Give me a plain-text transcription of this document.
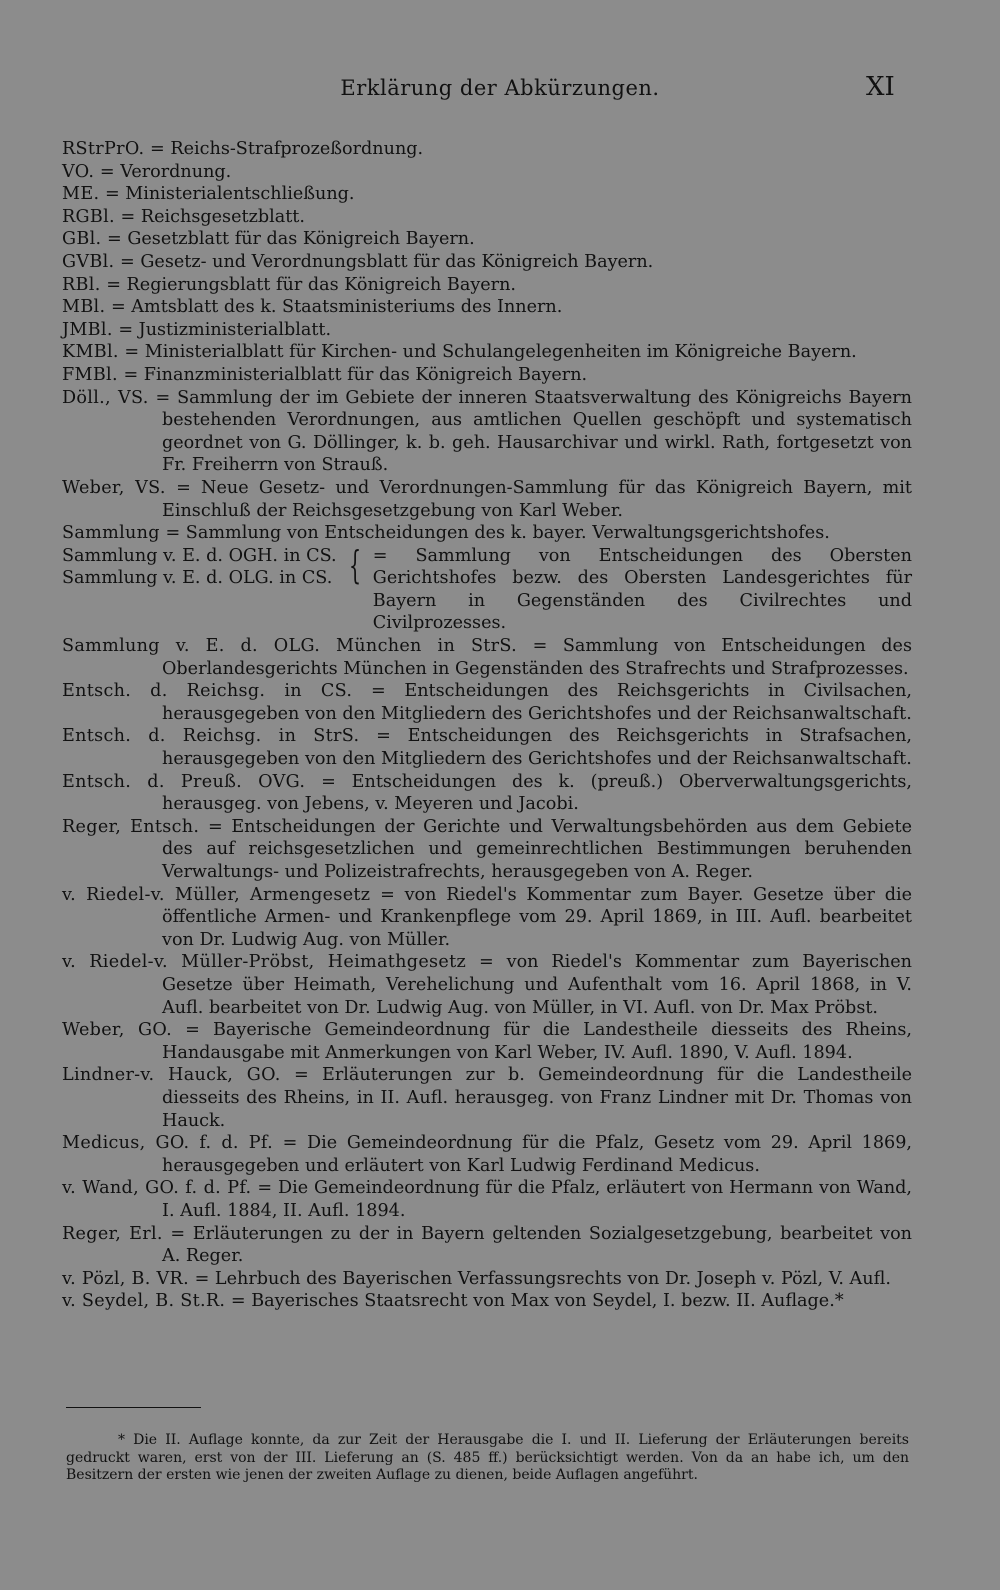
Erklärung der Abkürzungen.	XI
RStrPrO. = Reichs-Strafprozeßordnung.
VO. = Verordnung.
ME. = Ministerialentschließung.
RGBl. = Reichsgesetzblatt.
GBl. = Gesetzblatt für das Königreich Bayern.
GVBl. = Gesetz- und Verordnungsblatt für das Königreich Bayern.
RBl. = Regierungsblatt für das Königreich Bayern.
MBl. = Amtsblatt des k. Staatsministeriums des Innern.
JMBl. = Justizministerialblatt.
KMBl. = Ministerialblatt für Kirchen- und Schulangelegenheiten im Königreiche Bayern.
FMBl. = Finanzministerialblatt für das Königreich Bayern.
Döll., VS. = Sammlung der im Gebiete der inneren Staatsverwaltung des Königreichs Bayern bestehenden Verordnungen, aus amtlichen Quellen geschöpft und systematisch geordnet von G. Döllinger, k. b. geh. Hausarchivar und wirkl. Rath, fortgesetzt von Fr. Freiherrn von Strauß.
Weber, VS. = Neue Gesetz- und Verordnungen-Sammlung für das Königreich Bayern, mit Einschluß der Reichsgesetzgebung von Karl Weber.
Sammlung = Sammlung von Entscheidungen des k. bayer. Verwaltungsgerichtshofes.
Sammlung v. E. d. OGH. in CS.
Sammlung v. E. d. OLG. in CS. { = Sammlung von Entscheidungen des Obersten Gerichtshofes bezw. des Obersten Landesgerichtes für Bayern in Gegenständen des Civilrechtes und Civilprozesses.
Sammlung v. E. d. OLG. München in StrS. = Sammlung von Entscheidungen des Oberlandesgerichts München in Gegenständen des Strafrechts und Strafprozesses.
Entsch. d. Reichsg. in CS. = Entscheidungen des Reichsgerichts in Civilsachen, herausgegeben von den Mitgliedern des Gerichtshofes und der Reichsanwaltschaft.
Entsch. d. Reichsg. in StrS. = Entscheidungen des Reichsgerichts in Strafsachen, herausgegeben von den Mitgliedern des Gerichtshofes und der Reichsanwaltschaft.
Entsch. d. Preuß. OVG. = Entscheidungen des k. (preuß.) Oberverwaltungsgerichts, herausgeg. von Jebens, v. Meyeren und Jacobi.
Reger, Entsch. = Entscheidungen der Gerichte und Verwaltungsbehörden aus dem Gebiete des auf reichsgesetzlichen und gemeinrechtlichen Bestimmungen beruhenden Verwaltungs- und Polizeistrafrechts, herausgegeben von A. Reger.
v. Riedel-v. Müller, Armengesetz = von Riedel's Kommentar zum Bayer. Gesetze über die öffentliche Armen- und Krankenpflege vom 29. April 1869, in III. Aufl. bearbeitet von Dr. Ludwig Aug. von Müller.
v. Riedel-v. Müller-Pröbst, Heimathgesetz = von Riedel's Kommentar zum Bayerischen Gesetze über Heimath, Verehelichung und Aufenthalt vom 16. April 1868, in V. Aufl. bearbeitet von Dr. Ludwig Aug. von Müller, in VI. Aufl. von Dr. Max Pröbst.
Weber, GO. = Bayerische Gemeindeordnung für die Landestheile diesseits des Rheins, Handausgabe mit Anmerkungen von Karl Weber, IV. Aufl. 1890, V. Aufl. 1894.
Lindner-v. Hauck, GO. = Erläuterungen zur b. Gemeindeordnung für die Landestheile diesseits des Rheins, in II. Aufl. herausgeg. von Franz Lindner mit Dr. Thomas von Hauck.
Medicus, GO. f. d. Pf. = Die Gemeindeordnung für die Pfalz, Gesetz vom 29. April 1869, herausgegeben und erläutert von Karl Ludwig Ferdinand Medicus.
v. Wand, GO. f. d. Pf. = Die Gemeindeordnung für die Pfalz, erläutert von Hermann von Wand, I. Aufl. 1884, II. Aufl. 1894.
Reger, Erl. = Erläuterungen zu der in Bayern geltenden Sozialgesetzgebung, bearbeitet von A. Reger.
v. Pözl, B. VR. = Lehrbuch des Bayerischen Verfassungsrechts von Dr. Joseph v. Pözl, V. Aufl.
v. Seydel, B. St.R. = Bayerisches Staatsrecht von Max von Seydel, I. bezw. II. Auflage.*
* Die II. Auflage konnte, da zur Zeit der Herausgabe die I. und II. Lieferung der Erläuterungen bereits gedruckt waren, erst von der III. Lieferung an (S. 485 ff.) berücksichtigt werden. Von da an habe ich, um den Besitzern der ersten wie jenen der zweiten Auflage zu dienen, beide Auflagen angeführt.
